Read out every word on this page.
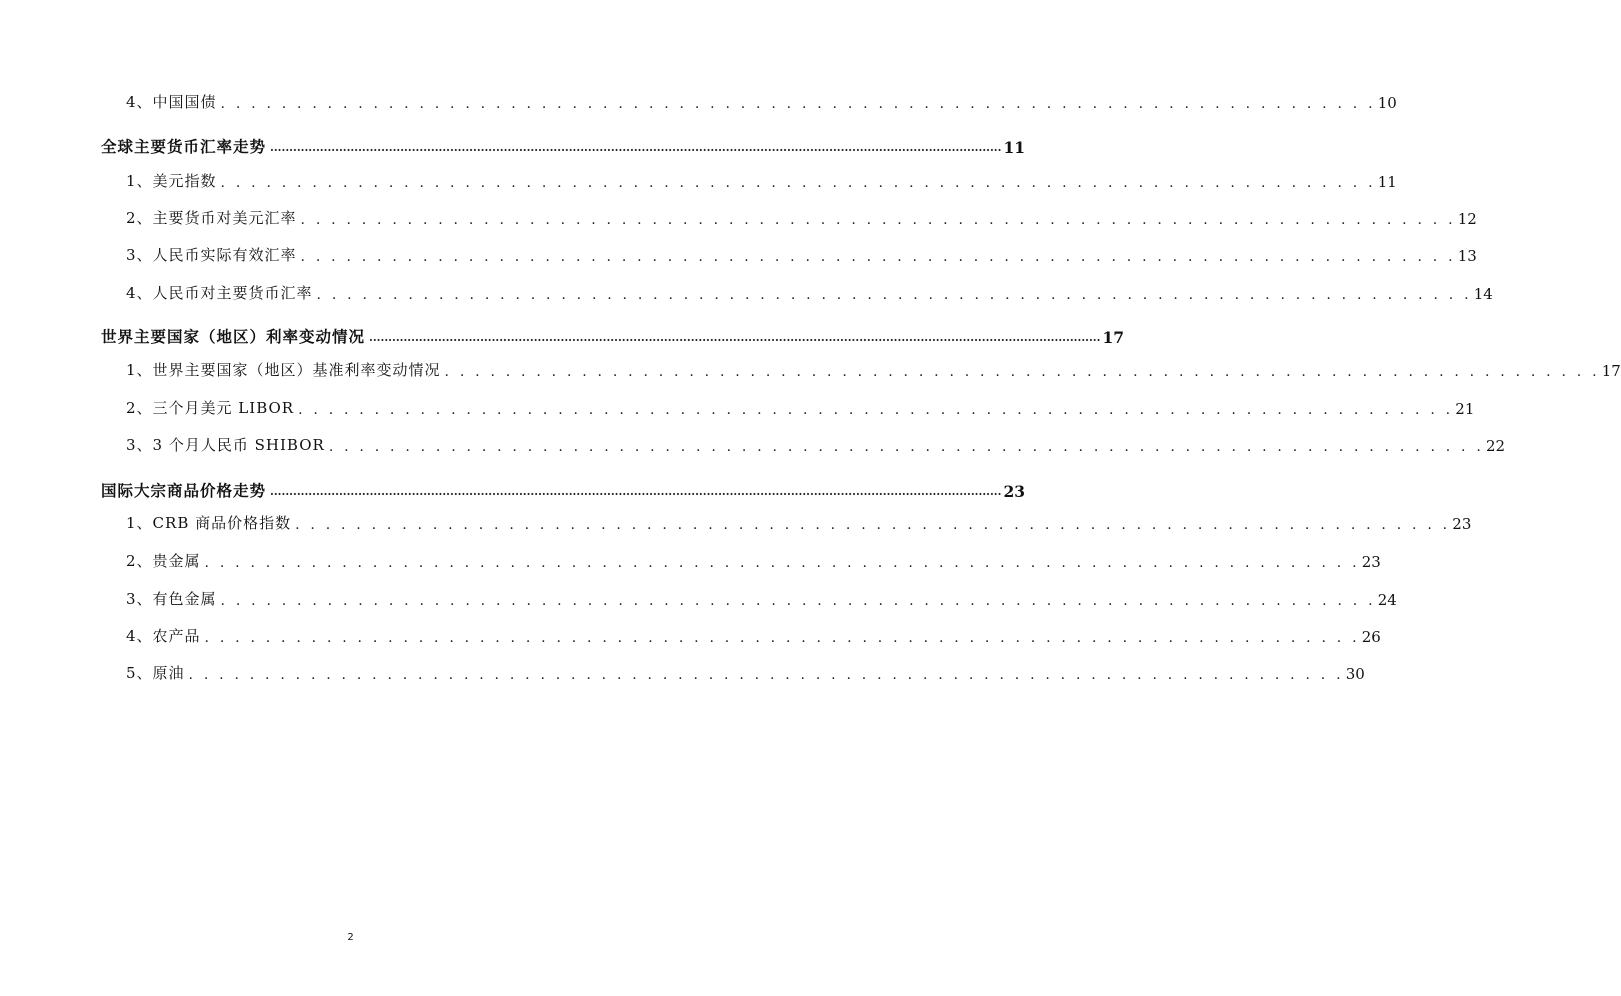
4、中国国债 . . . . . . . . . . . . . . . . . . . . . . . . . . . . . . . . . . . . . . . . . . . . . . . . . . . . . . . . . . . . . . . . . . . . . . . . . . . . 10
全球主要货币汇率走势 ............................................................................................................................................................................................... 11
1、美元指数 . . . . . . . . . . . . . . . . . . . . . . . . . . . . . . . . . . . . . . . . . . . . . . . . . . . . . . . . . . . . . . . . . . . . . . . . . . . . 11
2、主要货币对美元汇率 . . . . . . . . . . . . . . . . . . . . . . . . . . . . . . . . . . . . . . . . . . . . . . . . . . . . . . . . . . . . . . . . . . . . . . . . . . . . 12
3、人民币实际有效汇率 . . . . . . . . . . . . . . . . . . . . . . . . . . . . . . . . . . . . . . . . . . . . . . . . . . . . . . . . . . . . . . . . . . . . . . . . . . . . 13
4、人民币对主要货币汇率 . . . . . . . . . . . . . . . . . . . . . . . . . . . . . . . . . . . . . . . . . . . . . . . . . . . . . . . . . . . . . . . . . . . . . . . . . . . . 14
世界主要国家（地区）利率变动情况 ............................................................................................................................................................................................... 17
1、世界主要国家（地区）基准利率变动情况 . . . . . . . . . . . . . . . . . . . . . . . . . . . . . . . . . . . . . . . . . . . . . . . . . . . . . . . . . . . . . . . . . . . . . . . . . . . . 17
2、三个月美元 LIBOR . . . . . . . . . . . . . . . . . . . . . . . . . . . . . . . . . . . . . . . . . . . . . . . . . . . . . . . . . . . . . . . . . . . . . . . . . . . . 21
3、3 个月人民币 SHIBOR . . . . . . . . . . . . . . . . . . . . . . . . . . . . . . . . . . . . . . . . . . . . . . . . . . . . . . . . . . . . . . . . . . . . . . . . . . . . 22
国际大宗商品价格走势 ............................................................................................................................................................................................... 23
1、CRB 商品价格指数 . . . . . . . . . . . . . . . . . . . . . . . . . . . . . . . . . . . . . . . . . . . . . . . . . . . . . . . . . . . . . . . . . . . . . . . . . . . . 23
2、贵金属 . . . . . . . . . . . . . . . . . . . . . . . . . . . . . . . . . . . . . . . . . . . . . . . . . . . . . . . . . . . . . . . . . . . . . . . . . . . . 23
3、有色金属 . . . . . . . . . . . . . . . . . . . . . . . . . . . . . . . . . . . . . . . . . . . . . . . . . . . . . . . . . . . . . . . . . . . . . . . . . . . . 24
4、农产品 . . . . . . . . . . . . . . . . . . . . . . . . . . . . . . . . . . . . . . . . . . . . . . . . . . . . . . . . . . . . . . . . . . . . . . . . . . . . 26
5、原油 . . . . . . . . . . . . . . . . . . . . . . . . . . . . . . . . . . . . . . . . . . . . . . . . . . . . . . . . . . . . . . . . . . . . . . . . . . . . 30
2
